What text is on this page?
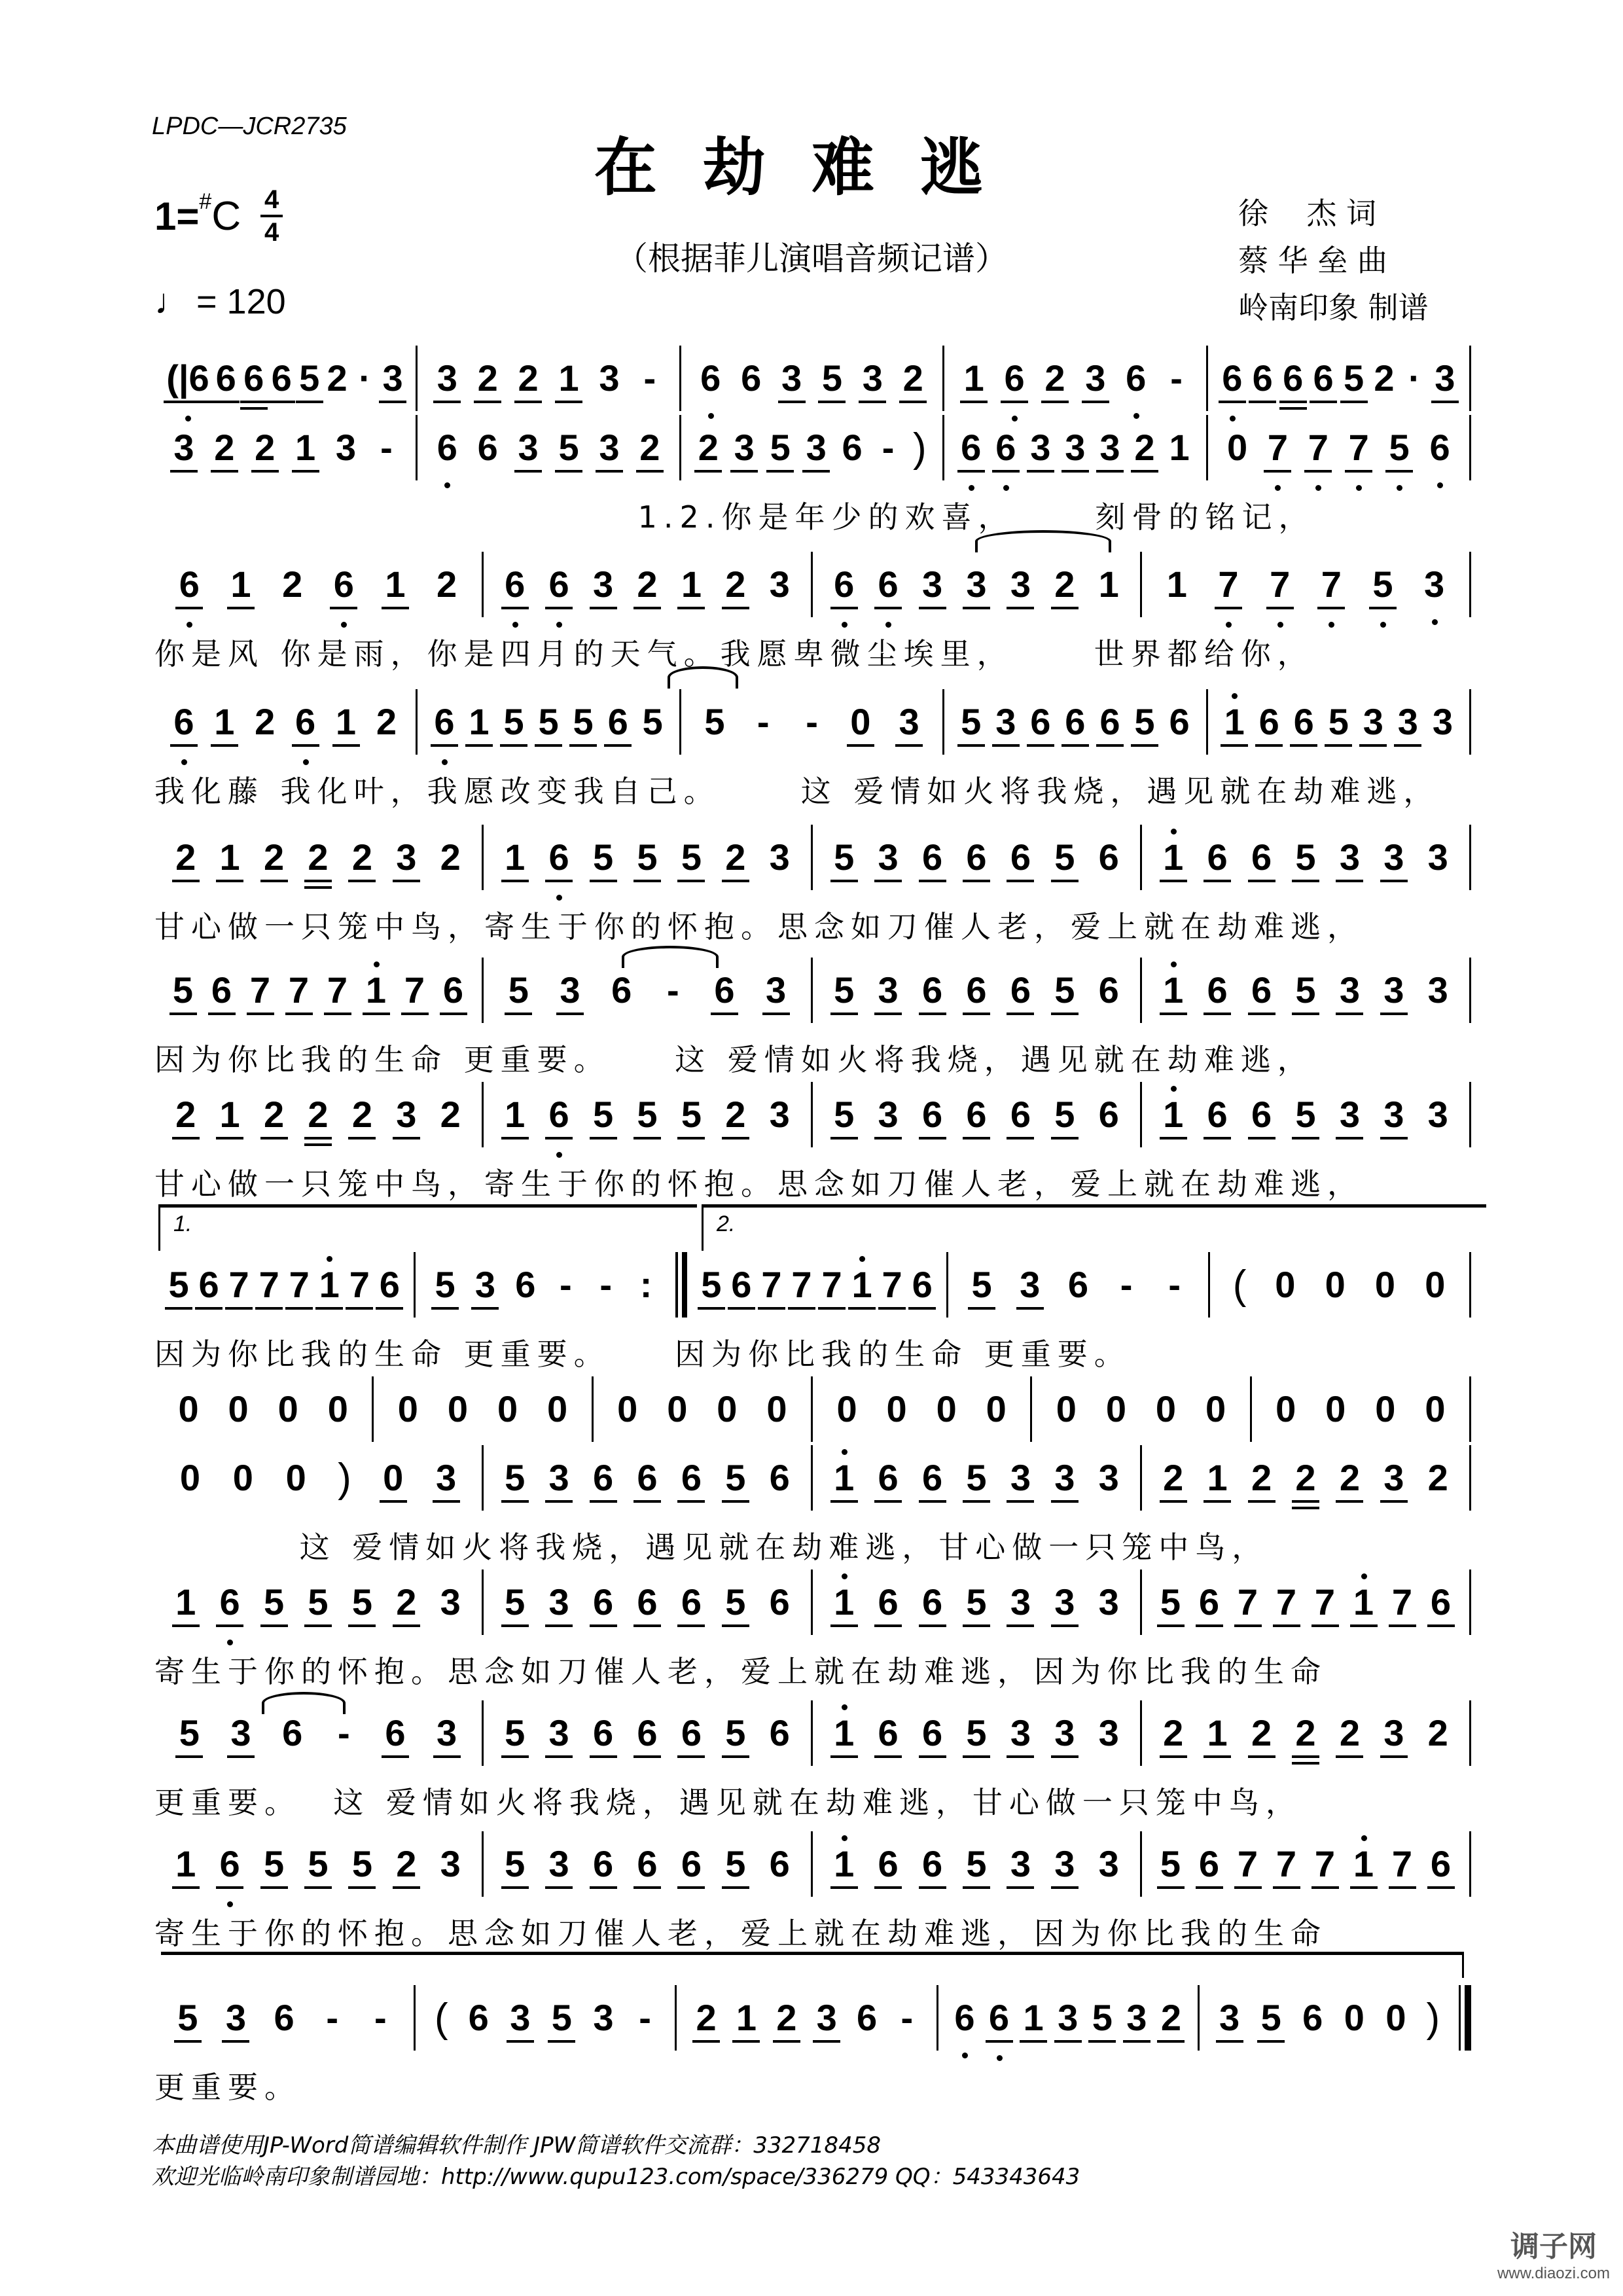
LPDC—JCR2735
在劫难逃
（根据菲儿演唱音频记谱）
1= # C $\frac{4}{4}$
♩ = 120
徐    杰 词
蔡 华 垒 曲
岭南印象 制谱
(|6 6 6 6 5 2 · 3 3 2 2 1 3 - 6 6 3 5 3 2 1 6 2 3 6 - 6 6 6 6 5 2 · 3
3 2 2 1 3 - 6 6 3 5 3 2 2 3 5 3 6 - ) 6 6 3 3 3 2 1 0 7 7 7 5 6
1.2.你是年少的欢喜，     刻骨的铭记，
6 1 2 6 1 2 6 6 3 2 1 2 3 6 6 3 3 3 2 1 1 7 7 7 5 3
你是风 你是雨，你是四月的天气。我愿卑微尘埃里，     世界都给你，
6 1 2 6 1 2 6 1 5 5 5 6 5 5 - - 0 3 5 3 6 6 6 5 6 1 6 6 5 3 3 3
我化藤 我化叶，我愿改变我自己。     这 爱情如火将我烧，遇见就在劫难逃，
2 1 2 2 2 3 2 1 6 5 5 5 2 3 5 3 6 6 6 5 6 1 6 6 5 3 3 3
甘心做一只笼中鸟，寄生于你的怀抱。思念如刀催人老，爱上就在劫难逃，
5 6 7 7 7 1 7 6 5 3 6 - 6 3 5 3 6 6 6 5 6 1 6 6 5 3 3 3
因为你比我的生命 更重要。    这 爱情如火将我烧，遇见就在劫难逃，
2 1 2 2 2 3 2 1 6 5 5 5 2 3 5 3 6 6 6 5 6 1 6 6 5 3 3 3
甘心做一只笼中鸟，寄生于你的怀抱。思念如刀催人老，爱上就在劫难逃，
5 6 7 7 7 1 7 6 5 3 6 - - : 5 6 7 7 7 1 7 6 5 3 6 - - ( 0 0 0 0
因为你比我的生命 更重要。    因为你比我的生命 更重要。
0 0 0 0 0 0 0 0 0 0 0 0 0 0 0 0 0 0 0 0 0 0 0 0
0 0 0 ) 0 3 5 3 6 6 6 5 6 1 6 6 5 3 3 3 2 1 2 2 2 3 2
这 爱情如火将我烧，遇见就在劫难逃，甘心做一只笼中鸟，
1 6 5 5 5 2 3 5 3 6 6 6 5 6 1 6 6 5 3 3 3 5 6 7 7 7 1 7 6
寄生于你的怀抱。思念如刀催人老，爱上就在劫难逃，因为你比我的生命
5 3 6 - 6 3 5 3 6 6 6 5 6 1 6 6 5 3 3 3 2 1 2 2 2 3 2
更重要。  这 爱情如火将我烧，遇见就在劫难逃，甘心做一只笼中鸟，
1 6 5 5 5 2 3 5 3 6 6 6 5 6 1 6 6 5 3 3 3 5 6 7 7 7 1 7 6
寄生于你的怀抱。思念如刀催人老，爱上就在劫难逃，因为你比我的生命
5 3 6 - - ( 6 3 5 3 - 2 1 2 3 6 - 6 6 1 3 5 3 2 3 5 6 0 0 )
更重要。
1.	2.
本曲谱使用JP-Word简谱编辑软件制作 JPW简谱软件交流群：332718458
欢迎光临岭南印象制谱园地：http://www.qupu123.com/space/336279 QQ：543343643
调子网
www.diaozi.com
